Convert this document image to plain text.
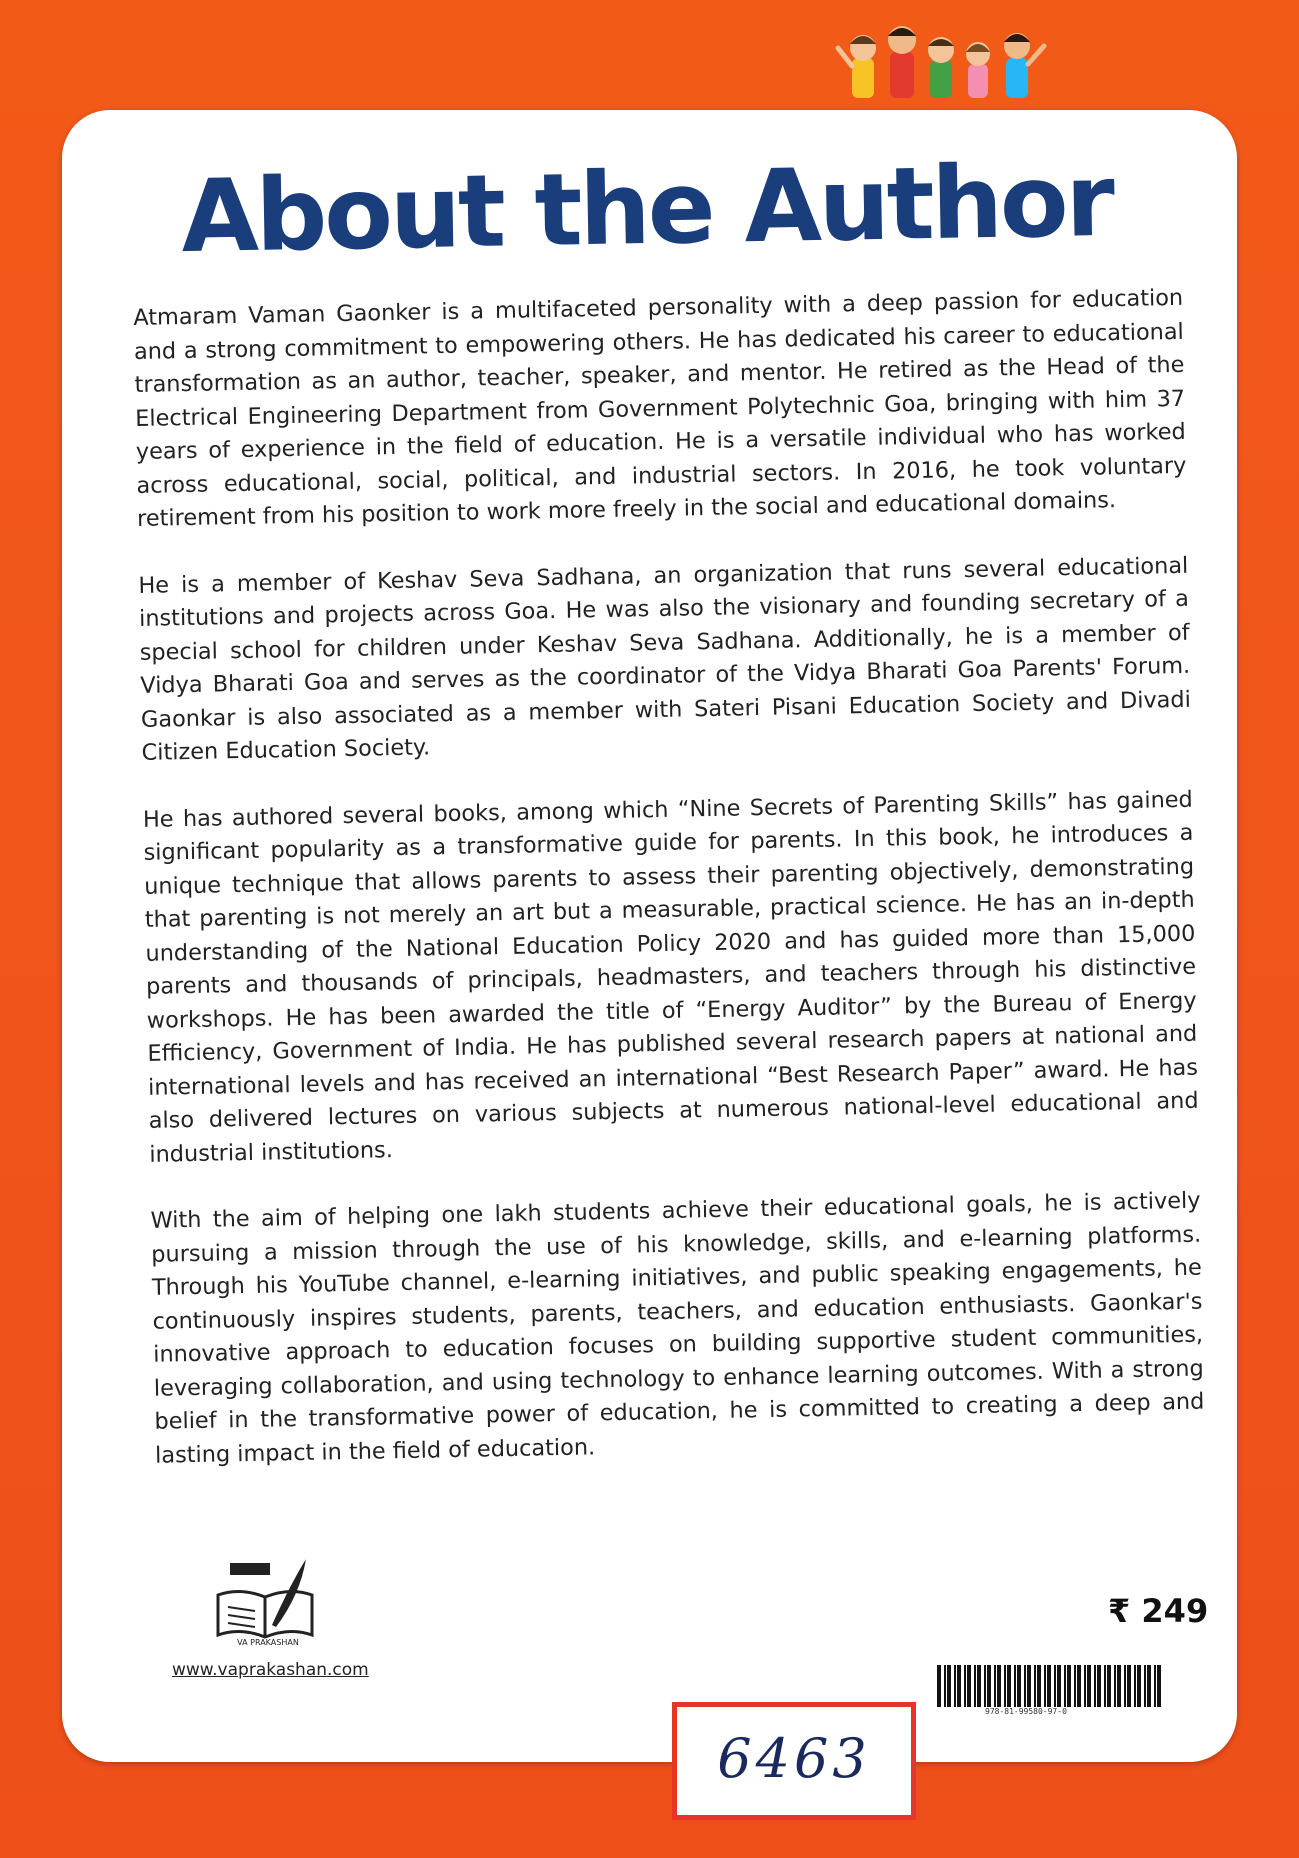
About the Author

Atmaram Vaman Gaonker is a multifaceted personality with a deep passion for education and a strong commitment to empowering others. He has dedicated his career to educational transformation as an author, teacher, speaker, and mentor. He retired as the Head of the Electrical Engineering Department from Government Polytechnic Goa, bringing with him 37 years of experience in the field of education. He is a versatile individual who has worked across educational, social, political, and industrial sectors. In 2016, he took voluntary retirement from his position to work more freely in the social and educational domains.

He is a member of Keshav Seva Sadhana, an organization that runs several educational institutions and projects across Goa. He was also the visionary and founding secretary of a special school for children under Keshav Seva Sadhana. Additionally, he is a member of Vidya Bharati Goa and serves as the coordinator of the Vidya Bharati Goa Parents' Forum. Gaonkar is also associated as a member with Sateri Pisani Education Society and Divadi Citizen Education Society.

He has authored several books, among which “Nine Secrets of Parenting Skills” has gained significant popularity as a transformative guide for parents. In this book, he introduces a unique technique that allows parents to assess their parenting objectively, demonstrating that parenting is not merely an art but a measurable, practical science. He has an in-depth understanding of the National Education Policy 2020 and has guided more than 15,000 parents and thousands of principals, headmasters, and teachers through his distinctive workshops. He has been awarded the title of “Energy Auditor” by the Bureau of Energy Efficiency, Government of India. He has published several research papers at national and international levels and has received an international “Best Research Paper” award. He has also delivered lectures on various subjects at numerous national-level educational and industrial institutions.

With the aim of helping one lakh students achieve their educational goals, he is actively pursuing a mission through the use of his knowledge, skills, and e-learning platforms. Through his YouTube channel, e-learning initiatives, and public speaking engagements, he continuously inspires students, parents, teachers, and education enthusiasts. Gaonkar's innovative approach to education focuses on building supportive student communities, leveraging collaboration, and using technology to enhance learning outcomes. With a strong belief in the transformative power of education, he is committed to creating a deep and lasting impact in the field of education.

VA PRAKASHAN
www.vaprakashan.com
₹ 249
978-81-99580-97-0
6463
